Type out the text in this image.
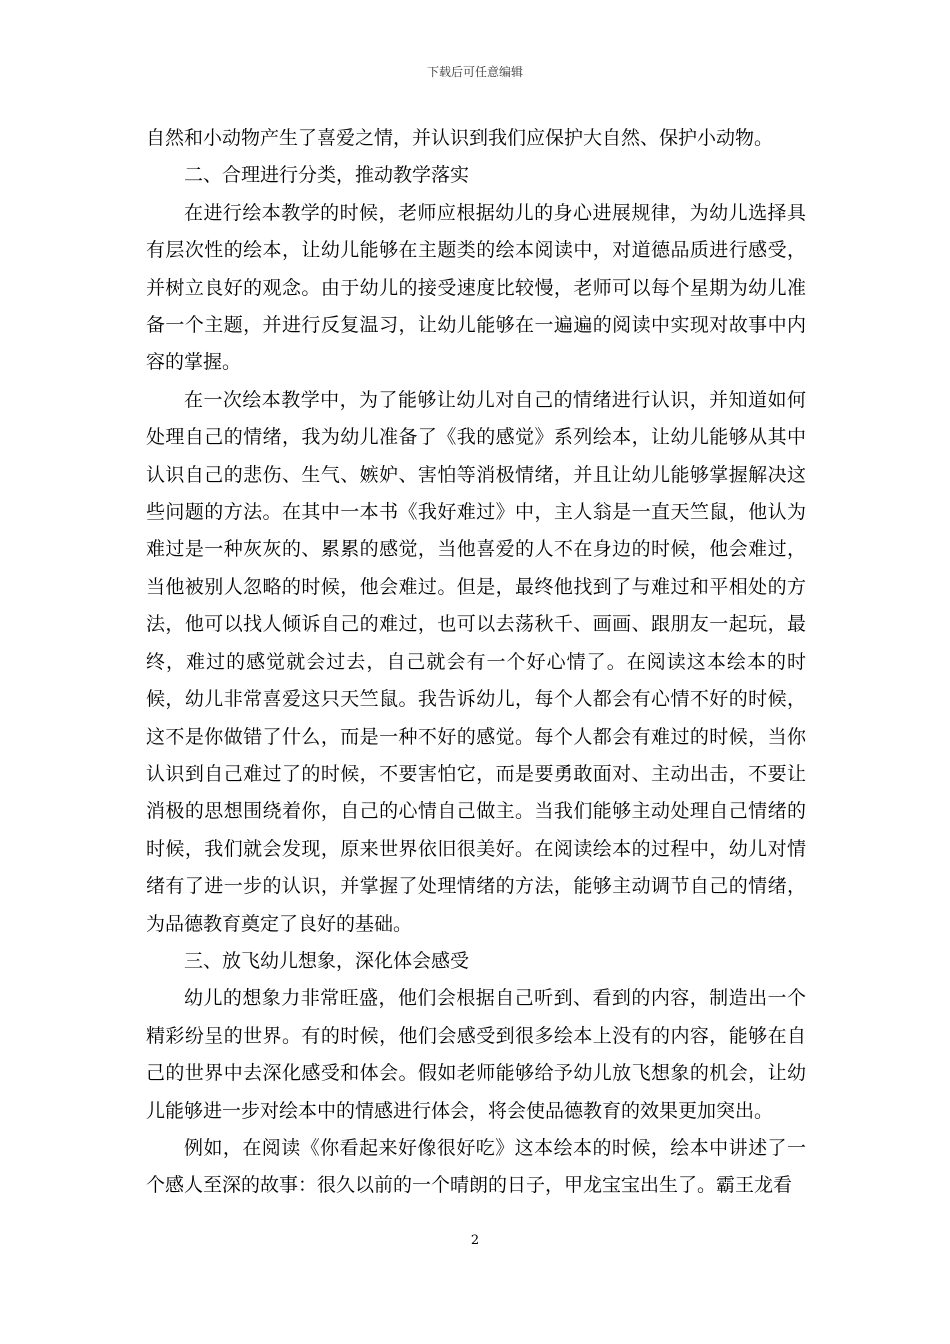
下载后可任意编辑

自然和小动物产生了喜爱之情，并认识到我们应保护大自然、保护小动物。

二、合理进行分类，推动教学落实

在进行绘本教学的时候，老师应根据幼儿的身心进展规律，为幼儿选择具有层次性的绘本，让幼儿能够在主题类的绘本阅读中，对道德品质进行感受，并树立良好的观念。由于幼儿的接受速度比较慢，老师可以每个星期为幼儿准备一个主题，并进行反复温习，让幼儿能够在一遍遍的阅读中实现对故事中内容的掌握。

在一次绘本教学中，为了能够让幼儿对自己的情绪进行认识，并知道如何处理自己的情绪，我为幼儿准备了《我的感觉》系列绘本，让幼儿能够从其中认识自己的悲伤、生气、嫉妒、害怕等消极情绪，并且让幼儿能够掌握解决这些问题的方法。在其中一本书《我好难过》中，主人翁是一直天竺鼠，他认为难过是一种灰灰的、累累的感觉，当他喜爱的人不在身边的时候，他会难过，当他被别人忽略的时候，他会难过。但是，最终他找到了与难过和平相处的方法，他可以找人倾诉自己的难过，也可以去荡秋千、画画、跟朋友一起玩，最终，难过的感觉就会过去，自己就会有一个好心情了。在阅读这本绘本的时候，幼儿非常喜爱这只天竺鼠。我告诉幼儿，每个人都会有心情不好的时候，这不是你做错了什么，而是一种不好的感觉。每个人都会有难过的时候，当你认识到自己难过了的时候，不要害怕它，而是要勇敢面对、主动出击，不要让消极的思想围绕着你，自己的心情自己做主。当我们能够主动处理自己情绪的时候，我们就会发现，原来世界依旧很美好。在阅读绘本的过程中，幼儿对情绪有了进一步的认识，并掌握了处理情绪的方法，能够主动调节自己的情绪，为品德教育奠定了良好的基础。

三、放飞幼儿想象，深化体会感受

幼儿的想象力非常旺盛，他们会根据自己听到、看到的内容，制造出一个精彩纷呈的世界。有的时候，他们会感受到很多绘本上没有的内容，能够在自己的世界中去深化感受和体会。假如老师能够给予幼儿放飞想象的机会，让幼儿能够进一步对绘本中的情感进行体会，将会使品德教育的效果更加突出。

例如，在阅读《你看起来好像很好吃》这本绘本的时候，绘本中讲述了一个感人至深的故事：很久以前的一个晴朗的日子，甲龙宝宝出生了。霸王龙看

2
